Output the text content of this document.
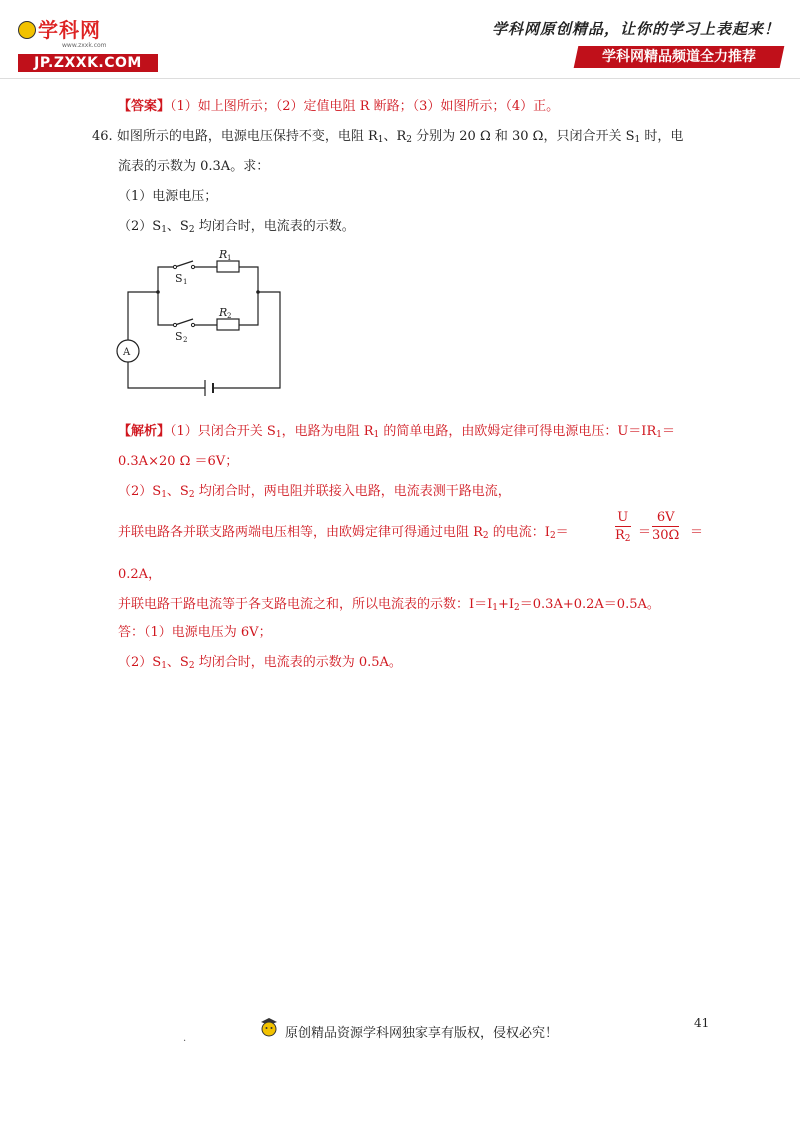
学科网
www.zxxk.com
JP.ZXXK.COM
学科网原创精品，让你的学习上表起来！
学科网精品频道全力推荐
【答案】（1）如上图所示；（2）定值电阻 R 断路；（3）如图所示；（4）正。
46. 如图所示的电路，电源电压保持不变，电阻 $R_1$、$R_2$ 分别为 20 Ω 和 30 Ω，只闭合开关 $S_1$ 时，电
流表的示数为 0.3A。求：
（1）电源电压；
$(2)S_1$、$S_2$ 均闭合时，电流表的示数。
A
R 1
R 2
S 1
S 2
【解析】（1）只闭合开关 $S_1$，电路为电阻 $R_1$ 的简单电路，由欧姆定律可得电源电压：$U=IR_1=$
0.3A×20 Ω ＝6V；
$(2)S_1$、$S_2$ 均闭合时，两电阻并联接入电路，电流表测干路电流，
并联电路各并联支路两端电压相等，由欧姆定律可得通过电阻 $R_2$ 的电流：$I_2=$	$\frac{U}{R_2} = \frac{6V}{30\Omega}$ ＝
0.2A，
并联电路干路电流等于各支路电流之和，所以电流表的示数：$I=I_1+I_2=0.3A+0.2A=0.5A$。
答：（1）电源电压为 6V；
$(2)S_1$、$S_2$ 均闭合时，电流表的示数为 0.5A。
41
.	原创精品资源学科网独家享有版权，侵权必究！
